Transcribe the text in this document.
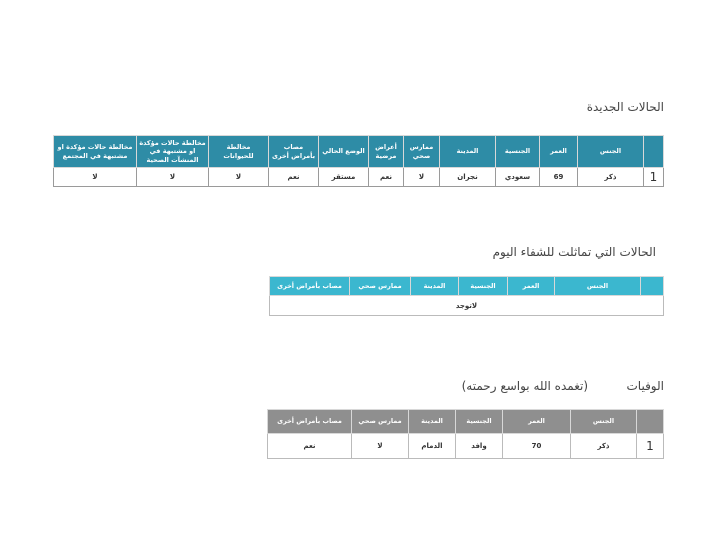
الحالات الجديدة
	الجنس	العمر	الجنسية	المدينة	ممارس صحي	أعراض مرضية	الوضع الحالي	مصاب بأمراض أخرى	مخالطة للحيوانات	مخالطة حالات مؤكدة او مشتبهة في المنشآت الصحية	مخالطة حالات مؤكدة او مشتبهة في المجتمع
1	ذكر	69	سعودي	نجران	لا	نعم	مستقر	نعم	لا	لا	لا
الحالات التي تماثلت للشفاء اليوم
	الجنس	العمر	الجنسية	المدينة	ممارس صحي	مصاب بأمراض أخرى
لاتوجد
الوفيات
(تغمده الله بواسع رحمته)
	الجنس	العمر	الجنسية	المدينة	ممارس صحي	مصاب بأمراض أخرى
1	ذكر	70	وافد	الدمام	لا	نعم
